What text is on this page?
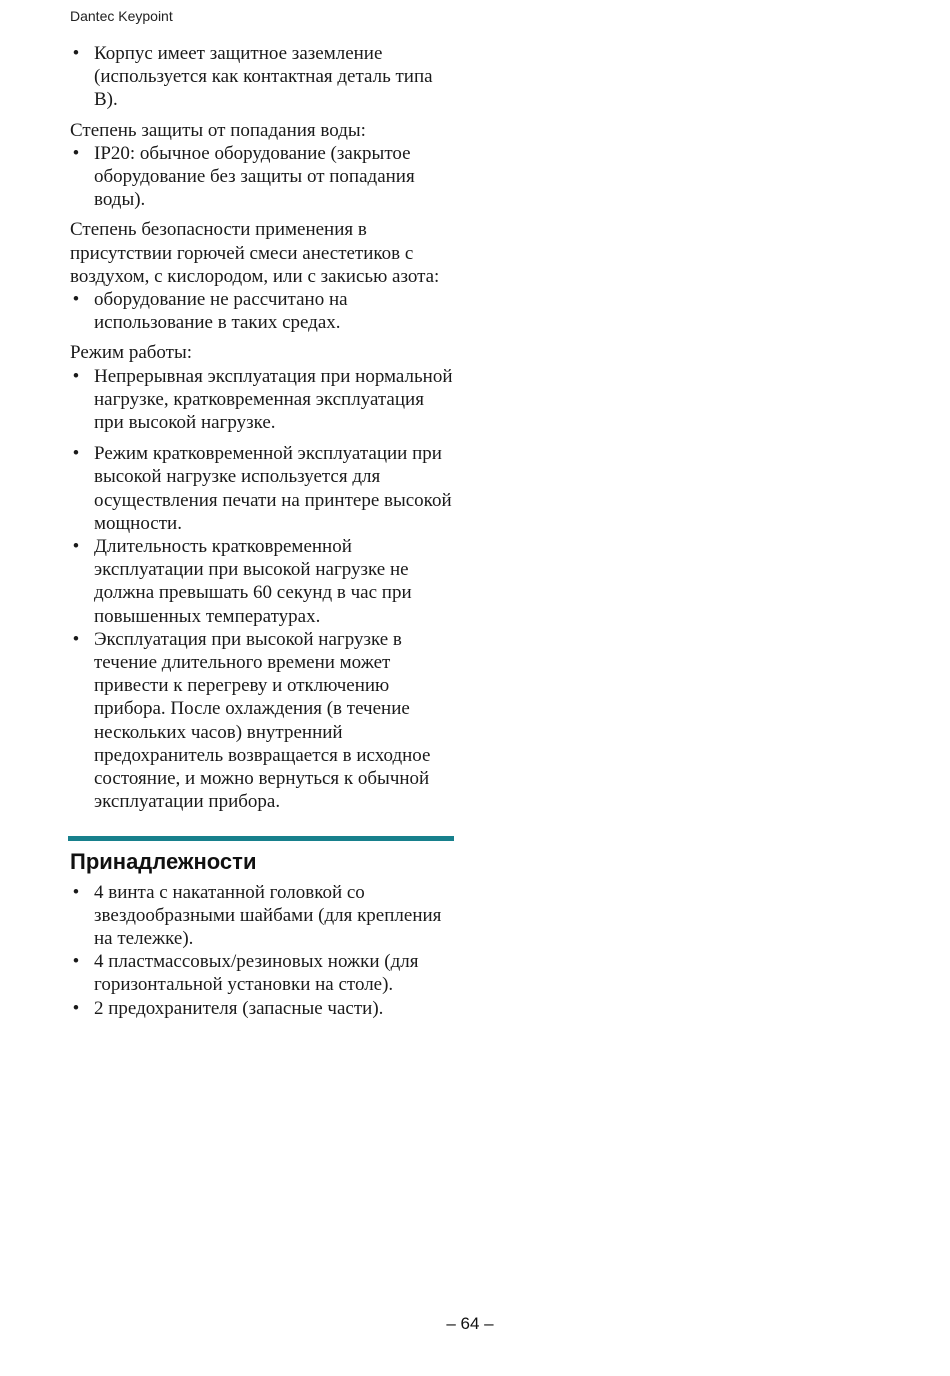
Dantec Keypoint
• Корпус имеет защитное заземление (используется как контактная деталь типа B).

Степень защиты от попадания воды:

• IP20: обычное оборудование (закрытое оборудование без защиты от попадания воды).

Степень безопасности применения в присутствии горючей смеси анестетиков с воздухом, с кислородом, или с закисью азота:

• оборудование не рассчитано на использование в таких средах.

Режим работы:

• Непрерывная эксплуатация при нормальной нагрузке, кратковременная эксплуатация при высокой нагрузке.
• Режим кратковременной эксплуатации при высокой нагрузке используется для осуществления печати на принтере высокой мощности.
• Длительность кратковременной эксплуатации при высокой нагрузке не должна превышать 60 секунд в час при повышенных температурах.
• Эксплуатация при высокой нагрузке в течение длительного времени может привести к перегреву и отключению прибора. После охлаждения (в течение нескольких часов) внутренний предохранитель возвращается в исходное состояние, и можно вернуться к обычной эксплуатации прибора.
Принадлежности
• 4 винта с накатанной головкой со звездообразными шайбами (для крепления на тележке).
• 4 пластмассовых/резиновых ножки (для горизонтальной установки на столе).
• 2 предохранителя (запасные части).
– 64 –
